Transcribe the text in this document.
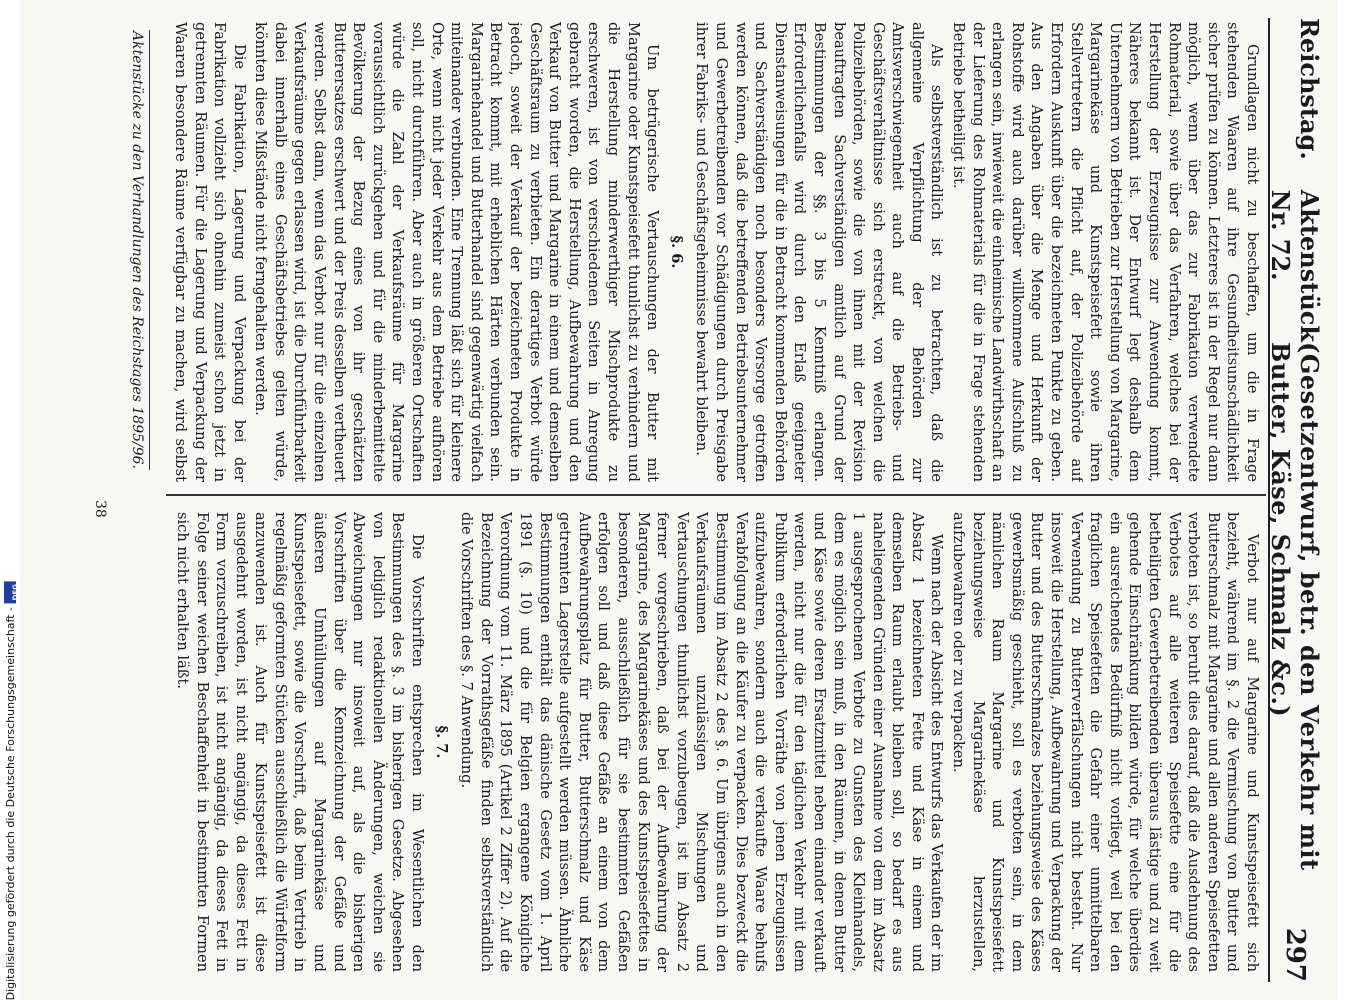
Digitalisierung gefördert durch die Deutsche Forschungsgemeinschaft -
DFG
Reichstag.
Aktenstück Nr. 72.
(Gesetzentwurf, betr. den Verkehr mit Butter, Käse, Schmalz &c.)
297

Grundlagen nicht zu beschaffen, um die in Frage stehenden Waaren auf ihre Gesundheitsunschädlichkeit sicher prüfen zu können. Letzteres ist in der Regel nur dann möglich, wenn über das zur Fabrikation verwendete Rohmaterial, sowie über das Verfahren, welches bei der Herstellung der Erzeugnisse zur Anwendung kommt, Näheres bekannt ist. Der Entwurf legt deshalb dem Unternehmern von Betrieben zur Herstellung von Margarine, Margarinekäse und Kunstspeisefett sowie ihren Stellvertretern die Pflicht auf, der Polizeibehörde auf Erfordern Auskunft über die bezeichneten Punkte zu geben. Aus den Angaben über die Menge und Herkunft der Rohstoffe wird auch darüber willkommene Aufschluß zu erlangen sein, inwieweit die einheimische Landwirthschaft an der Lieferung des Rohmaterials für die in Frage stehenden Betriebe betheiligt ist.

Als selbstverständlich ist zu betrachten, daß die allgemeine Verpflichtung der Behörden zur Amtsverschwiegenheit auch auf die Betriebs- und Geschäftsverhältnisse sich erstreckt, von welchen die Polizeibehörden, sowie die von ihnen mit der Revision beauftragten Sachverständigen amtlich auf Grund der Bestimmungen der §§. 3 bis 5 Kenntniß erlangen. Erforderlichenfalls wird durch den Erlaß geeigneter Dienstanweisungen für die in Betracht kommenden Behörden und Sachverständigen noch besonders Vorsorge getroffen werden können, daß die betreffenden Betriebsunternehmer und Gewerbetreibenden vor Schädigungen durch Preisgabe ihrer Fabriks- und Geschäftsgeheimnisse bewahrt bleiben.

§. 6.

Um betrügerische Vertauschungen der Butter mit Margarine oder Kunstspeisefett thunlichst zu verhindern und die Herstellung minderwerthiger Mischprodukte zu erschweren, ist von verschiedenen Seiten in Anregung gebracht worden, die Herstellung, Aufbewahrung und den Verkauf von Butter und Margarine in einem und demselben Geschäftsraum zu verbieten. Ein derartiges Verbot würde jedoch, soweit der Verkauf der bezeichneten Produkte in Betracht kommt, mit erheblichen Härten verbunden sein. Margarinehandel und Butterhandel sind gegenwärtig vielfach miteinander verbunden. Eine Trennung läßt sich für kleinere Orte, wenn nicht jeder Verkehr aus dem Betriebe aufhören soll, nicht durchführen. Aber auch in größeren Ortschaften würde die Zahl der Verkaufsräume für Margarine voraussichtlich zurückgehen und für die minderbemittelte Bevölkerung der Bezug eines von ihr geschätzten Butterersatzes erschwert und der Preis desselben vertheuert werden. Selbst dann, wenn das Verbot nur für die einzelnen Verkaufsräume gegen erlassen wird, ist die Durchführbarkeit dabei innerhalb eines Geschäftsbetriebes gelten würde, könnten diese Mißstände nicht ferngehalten werden.

Die Fabrikation, Lagerung und Verpackung bei der Fabrikation vollzieht sich ohnehin zumeist schon jetzt in getrennten Räumen. Für die Lagerung und Verpackung der Waaren besondere Räume verfügbar zu machen, wird selbst

Verbot nur auf Margarine und Kunstspeisefett sich bezieht, während im §. 2 die Vermischung von Butter und Butterschmalz mit Margarine und allen anderen Speisefetten verboten ist, so beruht dies darauf, daß die Ausdehnung des Verbotes auf alle weiteren Speisefette eine für die betheiligten Gewerbetreibenden überaus lästige und zu weit gehende Einschränkung bilden würde, für welche überdies ein ausreichendes Bedürfniß nicht vorliegt, weil bei den fraglichen Speisefetten die Gefahr einer unmittelbaren Verwendung zu Butterverfälschungen nicht besteht. Nur insoweit die Herstellung, Aufbewahrung und Verpackung der Butter und des Butterschmalzes beziehungsweise des Käses gewerbsmäßig geschieht, soll es verboten sein, in dem nämlichen Raum Margarine und Kunstspeisefett beziehungsweise Margarinekäse herzustellen, aufzubewahren oder zu verpacken.

Wenn nach der Absicht des Entwurfs das Verkaufen der im Absatz 1 bezeichneten Fette und Käse in einem und demselben Raum erlaubt bleiben soll, so bedarf es aus naheliegenden Gründen einer Ausnahme von dem im Absatz 1 ausgesprochenen Verbote zu Gunsten des Kleinhandels, dem es möglich sein muß, in den Räumen, in denen Butter und Käse sowie deren Ersatzmittel neben einander verkauft werden, nicht nur die für den täglichen Verkehr mit dem Publikum erforderlichen Vorräthe von jenen Erzeugnissen aufzubewahren, sondern auch die verkaufte Waare behufs Verabfolgung an die Käufer zu verpacken. Dies bezweckt die Bestimmung im Absatz 2 des §. 6. Um übrigens auch in den Verkaufsräumen unzulässigen Mischungen und Vertauschungen thunlichst vorzubeugen, ist im Absatz 2 ferner vorgeschrieben, daß bei der Aufbewahrung der Margarine, des Margarinekäses und des Kunstspeisefettes in besonderen, ausschließlich für sie bestimmten Gefäßen erfolgen soll und daß diese Gefäße an einem von dem Aufbewahrungsplatz für Butter, Butterschmalz und Käse getrennten Lagerstelle aufgestellt werden müssen. Ähnliche Bestimmungen enthält das dänische Gesetz vom 1. April 1891 (§. 10) und die für Belgien ergangene Königliche Verordnung vom 11. März 1895 (Artikel 2 Ziffer 2). Auf die Bezeichnung der Vorrathsgefäße finden selbstverständlich die Vorschriften des §. 7 Anwendung.

§. 7.

Die Vorschriften entsprechen im Wesentlichen den Bestimmungen des §. 3 im bisherigen Gesetze. Abgesehen von lediglich redaktionellen Änderungen, weichen sie Abweichungen nur insoweit auf, als die bisherigen Vorschriften über die Kennzeichnung der Gefäße und äußeren Umhüllungen auf Margarinekäse und Kunstspeisefett, sowie die Vorschrift, daß beim Vertrieb in regelmäßig geformten Stücken ausschließlich die Würfelform anzuwenden ist. Auch für Kunstspeisefett ist diese ausgedehnt worden, ist nicht angängig, da dieses Fett in Form vorzuschreiben, ist nicht angängig, da dieses Fett in Folge seiner weichen Beschaffenheit in bestimmten Formen sich nicht erhalten läßt.

Aktenstücke zu den Verhandlungen des Reichstages 1895/96.
38
